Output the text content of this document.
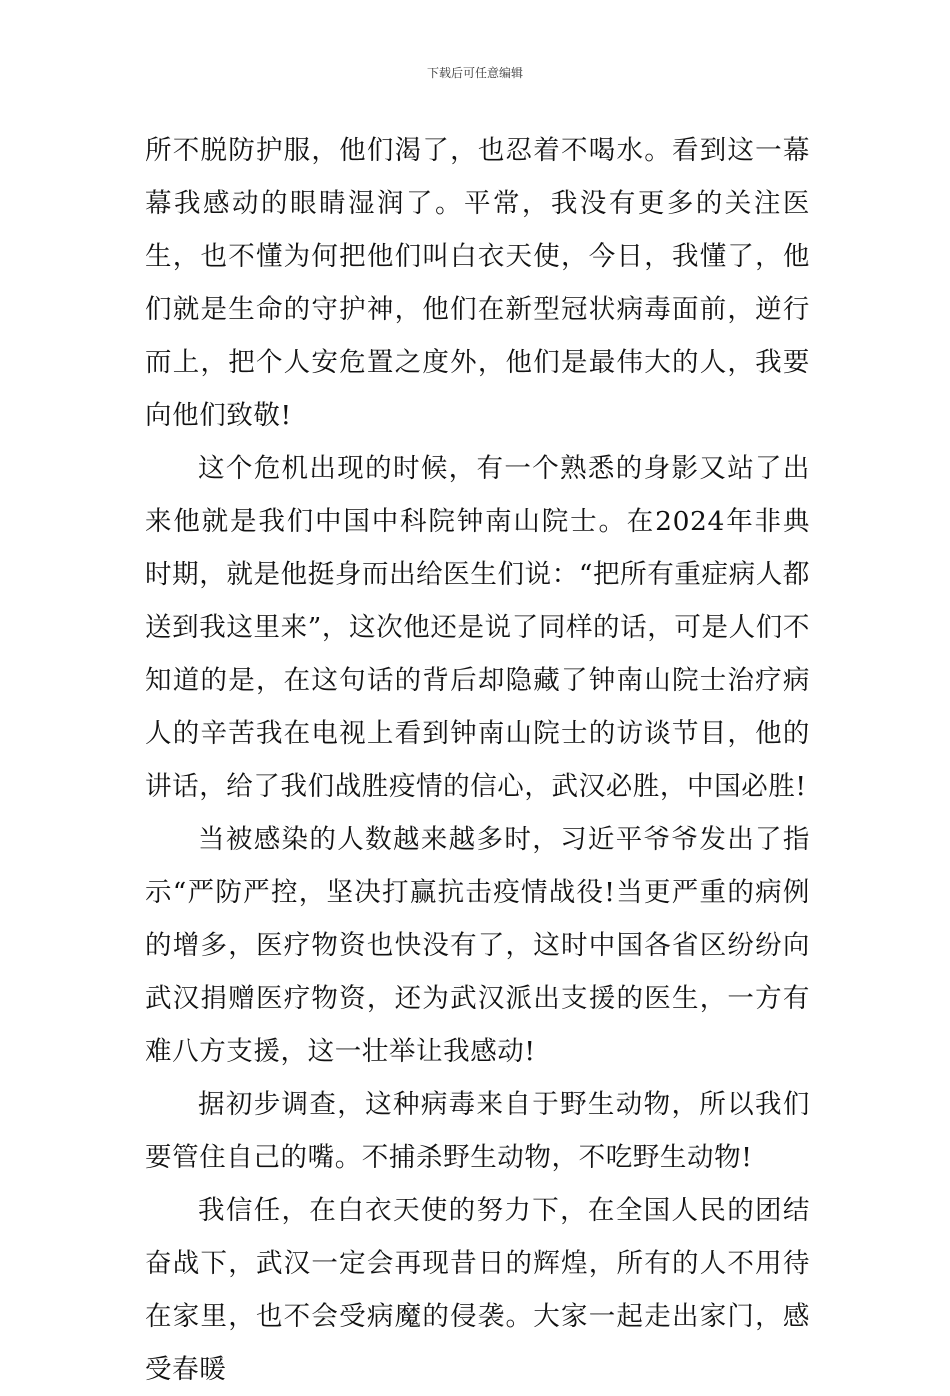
下载后可任意编辑

所不脱防护服，他们渴了，也忍着不喝水。看到这一幕幕我感动的眼睛湿润了。平常，我没有更多的关注医生，也不懂为何把他们叫白衣天使，今日，我懂了，他们就是生命的守护神，他们在新型冠状病毒面前，逆行而上，把个人安危置之度外，他们是最伟大的人，我要向他们致敬!

这个危机出现的时候，有一个熟悉的身影又站了出来他就是我们中国中科院钟南山院士。在2024年非典时期，就是他挺身而出给医生们说：“把所有重症病人都送到我这里来”，这次他还是说了同样的话，可是人们不知道的是，在这句话的背后却隐藏了钟南山院士治疗病人的辛苦我在电视上看到钟南山院士的访谈节目，他的讲话，给了我们战胜疫情的信心，武汉必胜，中国必胜!

当被感染的人数越来越多时，习近平爷爷发出了指示“严防严控，坚决打赢抗击疫情战役!当更严重的病例的增多，医疗物资也快没有了，这时中国各省区纷纷向武汉捐赠医疗物资，还为武汉派出支援的医生，一方有难八方支援，这一壮举让我感动!

据初步调查，这种病毒来自于野生动物，所以我们要管住自己的嘴。不捕杀野生动物，不吃野生动物!

我信任，在白衣天使的努力下，在全国人民的团结奋战下，武汉一定会再现昔日的辉煌，所有的人不用待在家里，也不会受病魔的侵袭。大家一起走出家门，感受春暖
